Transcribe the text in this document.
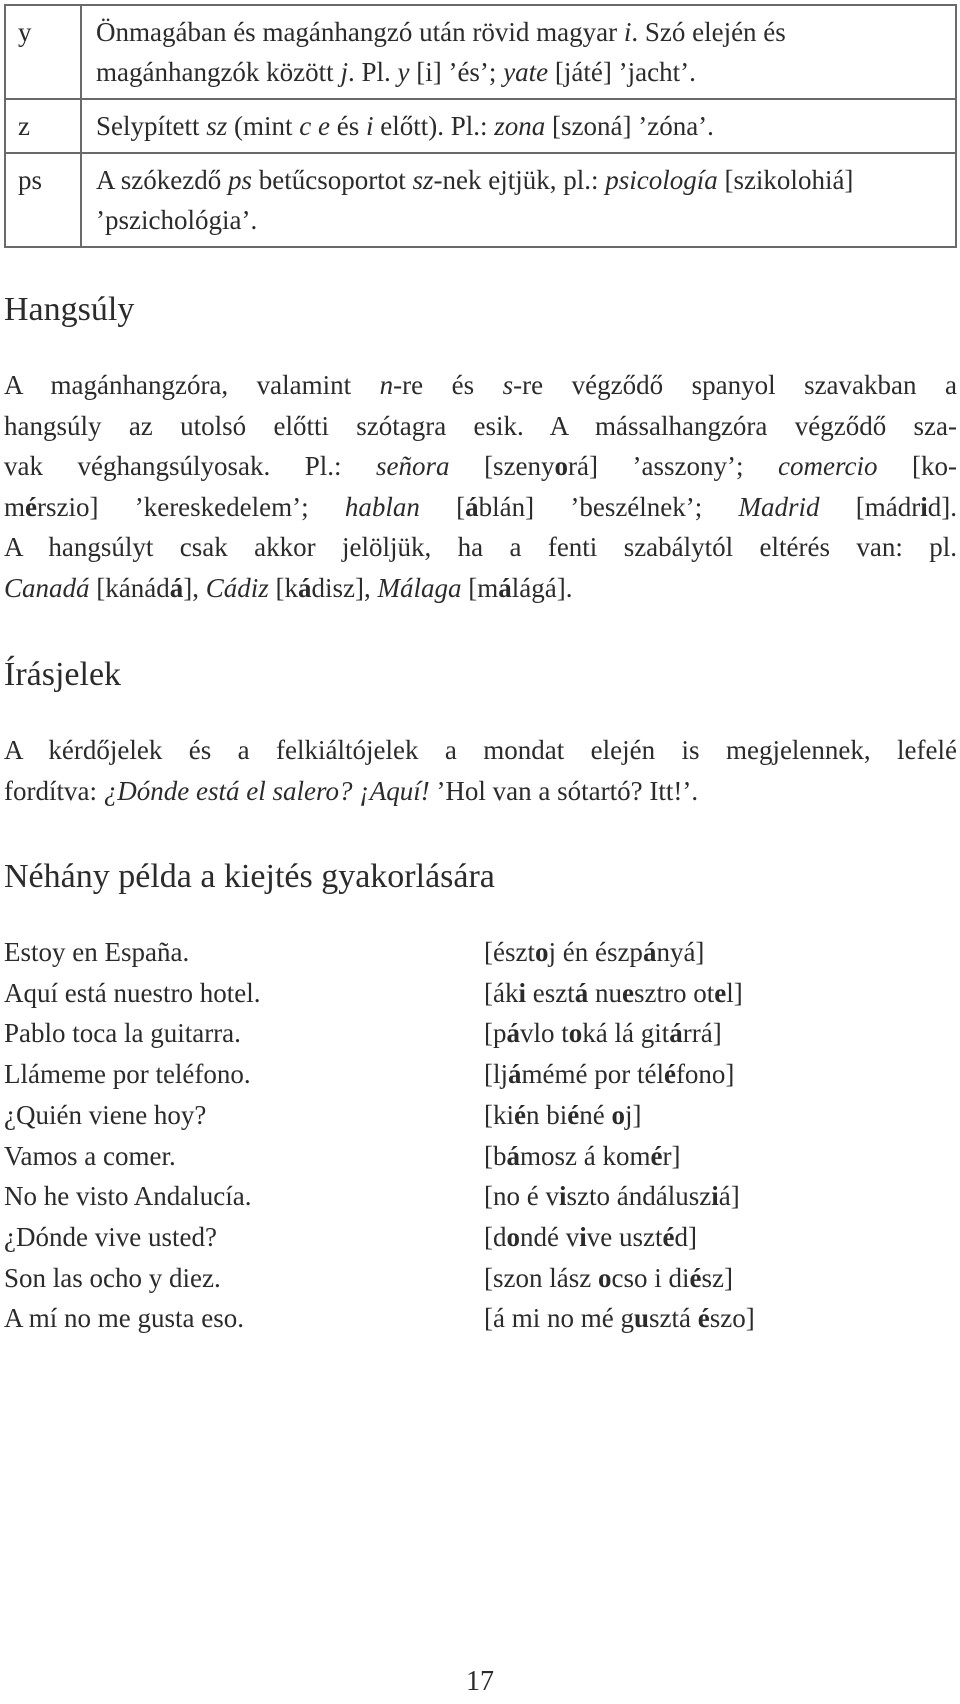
y	Önmagában és magánhangzó után rövid magyar i. Szó elején és magánhangzók között j. Pl. y [i] ’és’; yate [játé] ’jacht’.
z	Selypített sz (mint c e és i előtt). Pl.: zona [szoná] ’zóna’.
ps	A szókezdő ps betűcsoportot sz-nek ejtjük, pl.: psicología [szikolohiá] ’pszichológia’.
Hangsúly
A magánhangzóra, valamint n-re és s-re végződő spanyol szavakban a
hangsúly az utolsó előtti szótagra esik. A mássalhangzóra végződő sza-
vak véghangsúlyosak. Pl.: señora [szenyorá] ’asszony’; comercio [ko-
mérszio] ’kereskedelem’; hablan [áblán] ’beszélnek’; Madrid [mádrid].
A hangsúlyt csak akkor jelöljük, ha a fenti szabálytól eltérés van: pl.
Canadá [kánádá], Cádiz [kádisz], Málaga [málágá].
Írásjelek
A kérdőjelek és a felkiáltójelek a mondat elején is megjelennek, lefelé
fordítva: ¿Dónde está el salero? ¡Aquí! ’Hol van a sótartó? Itt!’.
Néhány példa a kiejtés gyakorlására
Estoy en España.	[észtoj én észpányá]
Aquí está nuestro hotel.	[áki esztá nuesztro otel]
Pablo toca la guitarra.	[pávlo toká lá gitárrá]
Llámeme por teléfono.	[ljámémé por téléfono]
¿Quién viene hoy?	[kién biéné oj]
Vamos a comer.	[bámosz á komér]
No he visto Andalucía.	[no é viszto ándálusziá]
¿Dónde vive usted?	[dondé vive usztéd]
Son las ocho y diez.	[szon lász ocso i diész]
A mí no me gusta eso.	[á mi no mé gusztá észo]
17
